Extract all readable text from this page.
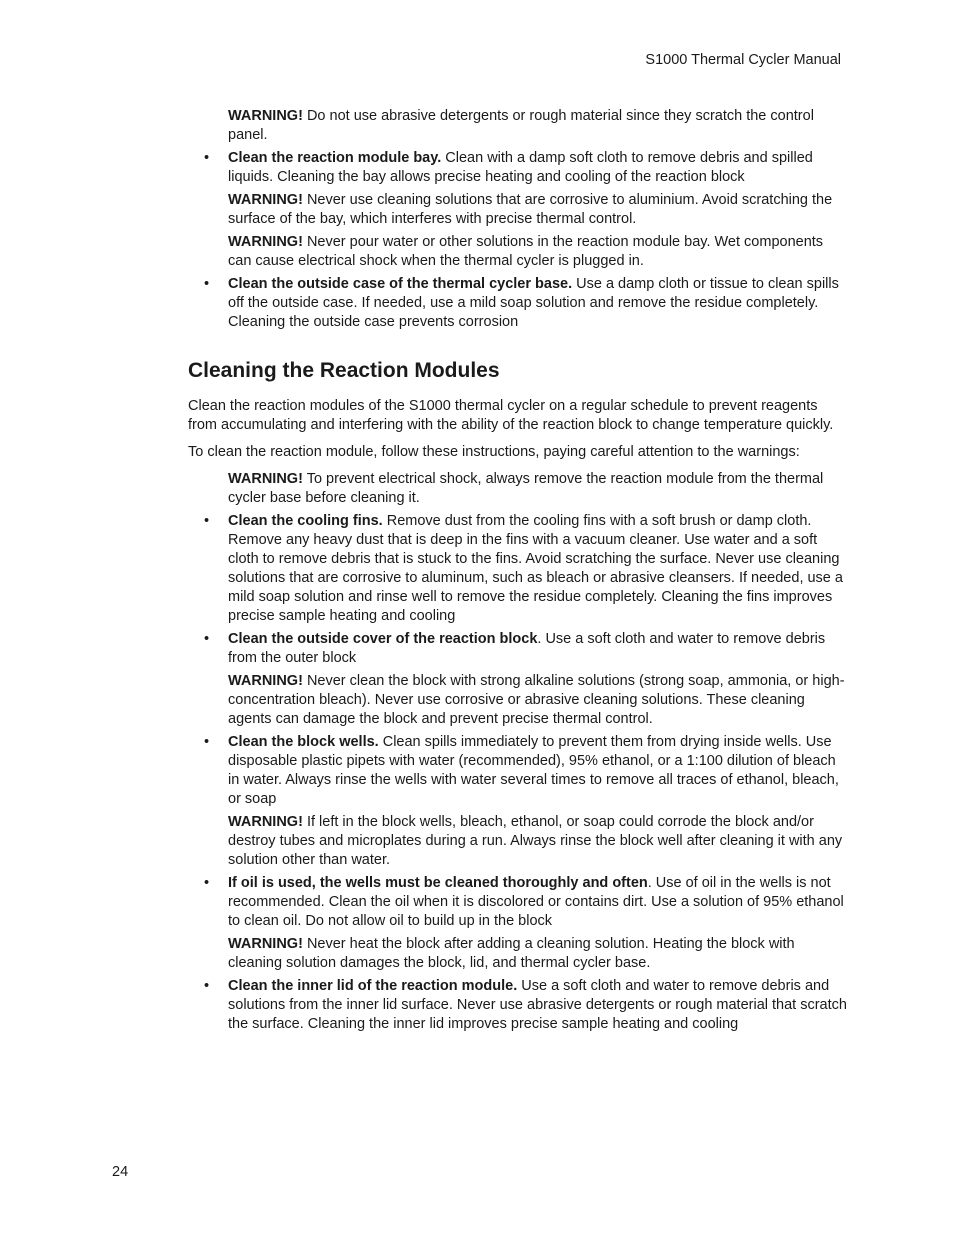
S1000 Thermal Cycler Manual

WARNING! Do not use abrasive detergents or rough material since they scratch the control panel.

• Clean the reaction module bay. Clean with a damp soft cloth to remove debris and spilled liquids. Cleaning the bay allows precise heating and cooling of the reaction block

WARNING! Never use cleaning solutions that are corrosive to aluminium. Avoid scratching the surface of the bay, which interferes with precise thermal control.

WARNING! Never pour water or other solutions in the reaction module bay. Wet components can cause electrical shock when the thermal cycler is plugged in.

• Clean the outside case of the thermal cycler base. Use a damp cloth or tissue to clean spills off the outside case. If needed, use a mild soap solution and remove the residue completely. Cleaning the outside case prevents corrosion

Cleaning the Reaction Modules

Clean the reaction modules of the S1000 thermal cycler on a regular schedule to prevent reagents from accumulating and interfering with the ability of the reaction block to change temperature quickly.

To clean the reaction module, follow these instructions, paying careful attention to the warnings:

WARNING! To prevent electrical shock, always remove the reaction module from the thermal cycler base before cleaning it.

• Clean the cooling fins. Remove dust from the cooling fins with a soft brush or damp cloth. Remove any heavy dust that is deep in the fins with a vacuum cleaner. Use water and a soft cloth to remove debris that is stuck to the fins. Avoid scratching the surface. Never use cleaning solutions that are corrosive to aluminum, such as bleach or abrasive cleansers. If needed, use a mild soap solution and rinse well to remove the residue completely. Cleaning the fins improves precise sample heating and cooling

• Clean the outside cover of the reaction block. Use a soft cloth and water to remove debris from the outer block

WARNING! Never clean the block with strong alkaline solutions (strong soap, ammonia, or high-concentration bleach). Never use corrosive or abrasive cleaning solutions. These cleaning agents can damage the block and prevent precise thermal control.

• Clean the block wells. Clean spills immediately to prevent them from drying inside wells. Use disposable plastic pipets with water (recommended), 95% ethanol, or a 1:100 dilution of bleach in water. Always rinse the wells with water several times to remove all traces of ethanol, bleach, or soap

WARNING! If left in the block wells, bleach, ethanol, or soap could corrode the block and/or destroy tubes and microplates during a run. Always rinse the block well after cleaning it with any solution other than water.

• If oil is used, the wells must be cleaned thoroughly and often. Use of oil in the wells is not recommended. Clean the oil when it is discolored or contains dirt. Use a solution of 95% ethanol to clean oil. Do not allow oil to build up in the block

WARNING! Never heat the block after adding a cleaning solution. Heating the block with cleaning solution damages the block, lid, and thermal cycler base.

• Clean the inner lid of the reaction module. Use a soft cloth and water to remove debris and solutions from the inner lid surface. Never use abrasive detergents or rough material that scratch the surface. Cleaning the inner lid improves precise sample heating and cooling

24
